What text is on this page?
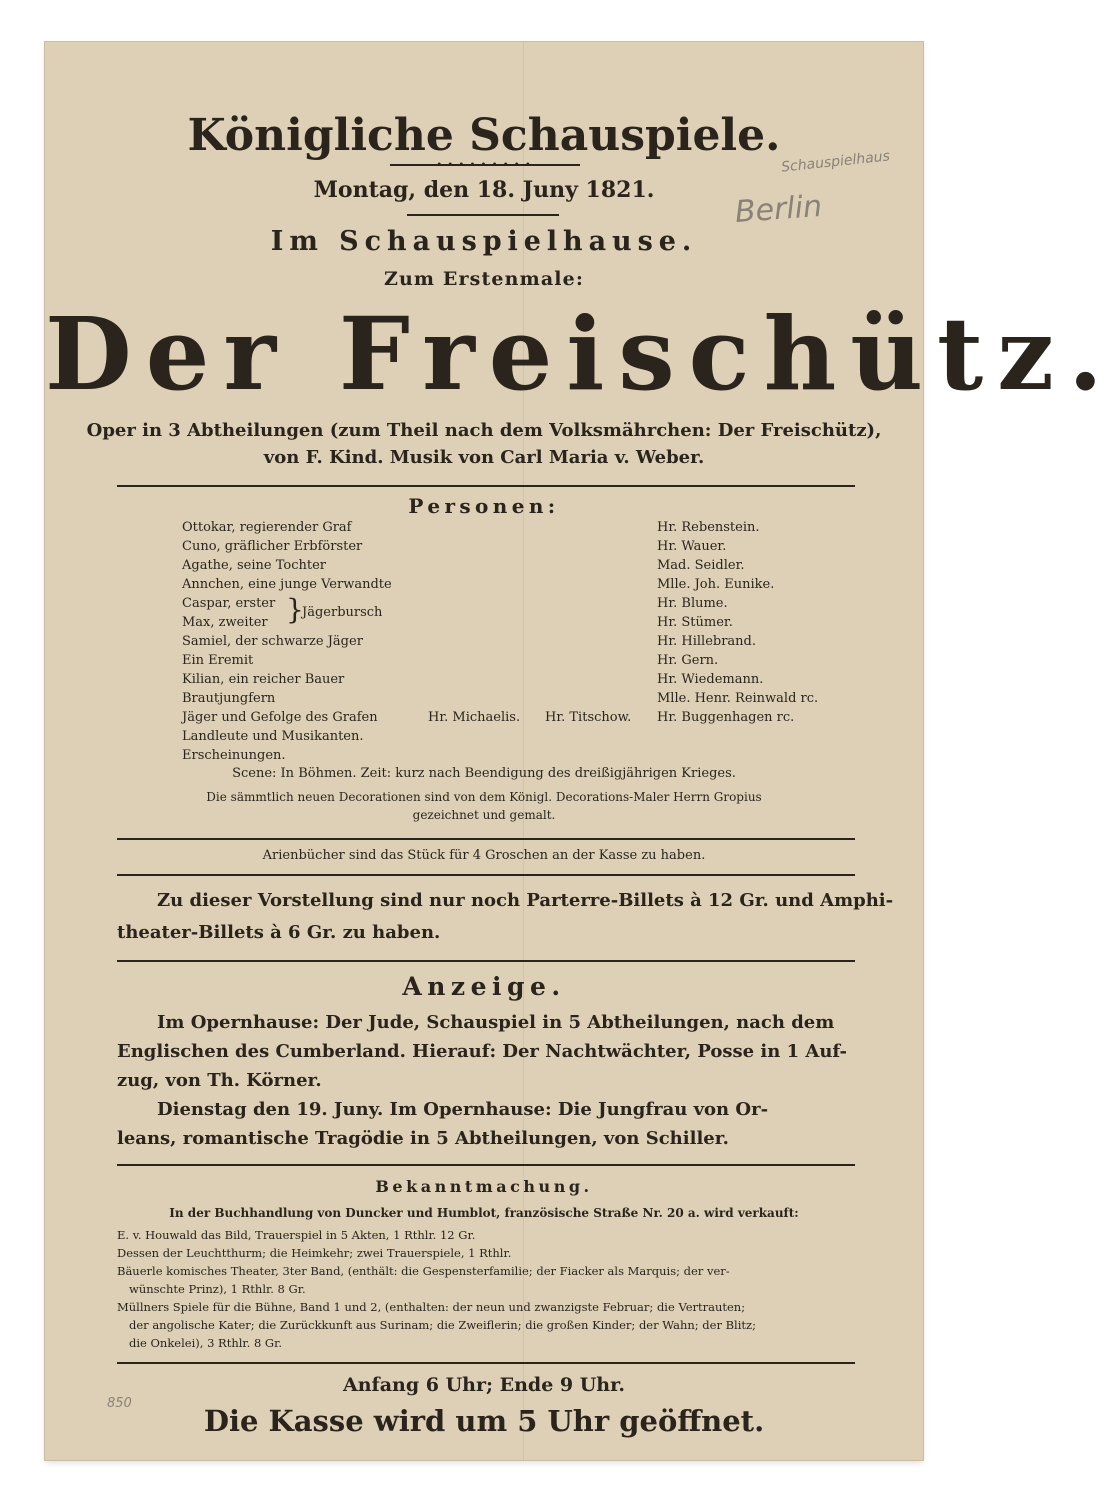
Königliche Schauspiele.
• • • • • • • • •
Montag, den 18. Juny 1821.
Im Schauspielhause.
Zum Erstenmale:
Der Freischütz.
Oper in 3 Abtheilungen (zum Theil nach dem Volksmährchen: Der Freischütz),
von F. Kind. Musik von Carl Maria v. Weber.
Personen:
Ottokar, regierender Graf	Hr. Rebenstein.
Cuno, gräflicher Erbförster	Hr. Wauer.
Agathe, seine Tochter	Mad. Seidler.
Annchen, eine junge Verwandte	Mlle. Joh. Eunike.
Caspar, erster	Hr. Blume.
Max, zweiter	Hr. Stümer.
}
Jägerbursch
Samiel, der schwarze Jäger	Hr. Hillebrand.
Ein Eremit	Hr. Gern.
Kilian, ein reicher Bauer	Hr. Wiedemann.
Brautjungfern	Mlle. Henr. Reinwald rc.
Jäger und Gefolge des Grafen	Hr. Michaelis. Hr. Titschow. Hr. Buggenhagen rc.
Landleute und Musikanten.
Erscheinungen.
Scene: In Böhmen. Zeit: kurz nach Beendigung des dreißigjährigen Krieges.
Die sämmtlich neuen Decorationen sind von dem Königl. Decorations-Maler Herrn Gropius
gezeichnet und gemalt.
Arienbücher sind das Stück für 4 Groschen an der Kasse zu haben.
Zu dieser Vorstellung sind nur noch Parterre-Billets à 12 Gr. und Amphi-
theater-Billets à 6 Gr. zu haben.
Anzeige.
Im Opernhause: Der Jude, Schauspiel in 5 Abtheilungen, nach dem
Englischen des Cumberland. Hierauf: Der Nachtwächter, Posse in 1 Auf-
zug, von Th. Körner.
Dienstag den 19. Juny. Im Opernhause: Die Jungfrau von Or-
leans, romantische Tragödie in 5 Abtheilungen, von Schiller.
Bekanntmachung.
In der Buchhandlung von Duncker und Humblot, französische Straße Nr. 20 a. wird verkauft:
E. v. Houwald das Bild, Trauerspiel in 5 Akten, 1 Rthlr. 12 Gr.
Dessen der Leuchtthurm; die Heimkehr; zwei Trauerspiele, 1 Rthlr.
Bäuerle komisches Theater, 3ter Band, (enthält: die Gespensterfamilie; der Fiacker als Marquis; der ver-
wünschte Prinz), 1 Rthlr. 8 Gr.
Müllners Spiele für die Bühne, Band 1 und 2, (enthalten: der neun und zwanzigste Februar; die Vertrauten;
der angolische Kater; die Zurückkunft aus Surinam; die Zweiflerin; die großen Kinder; der Wahn; der Blitz;
die Onkelei), 3 Rthlr. 8 Gr.
Anfang 6 Uhr; Ende 9 Uhr.
Die Kasse wird um 5 Uhr geöffnet.
Schauspielhaus
Berlin
850
